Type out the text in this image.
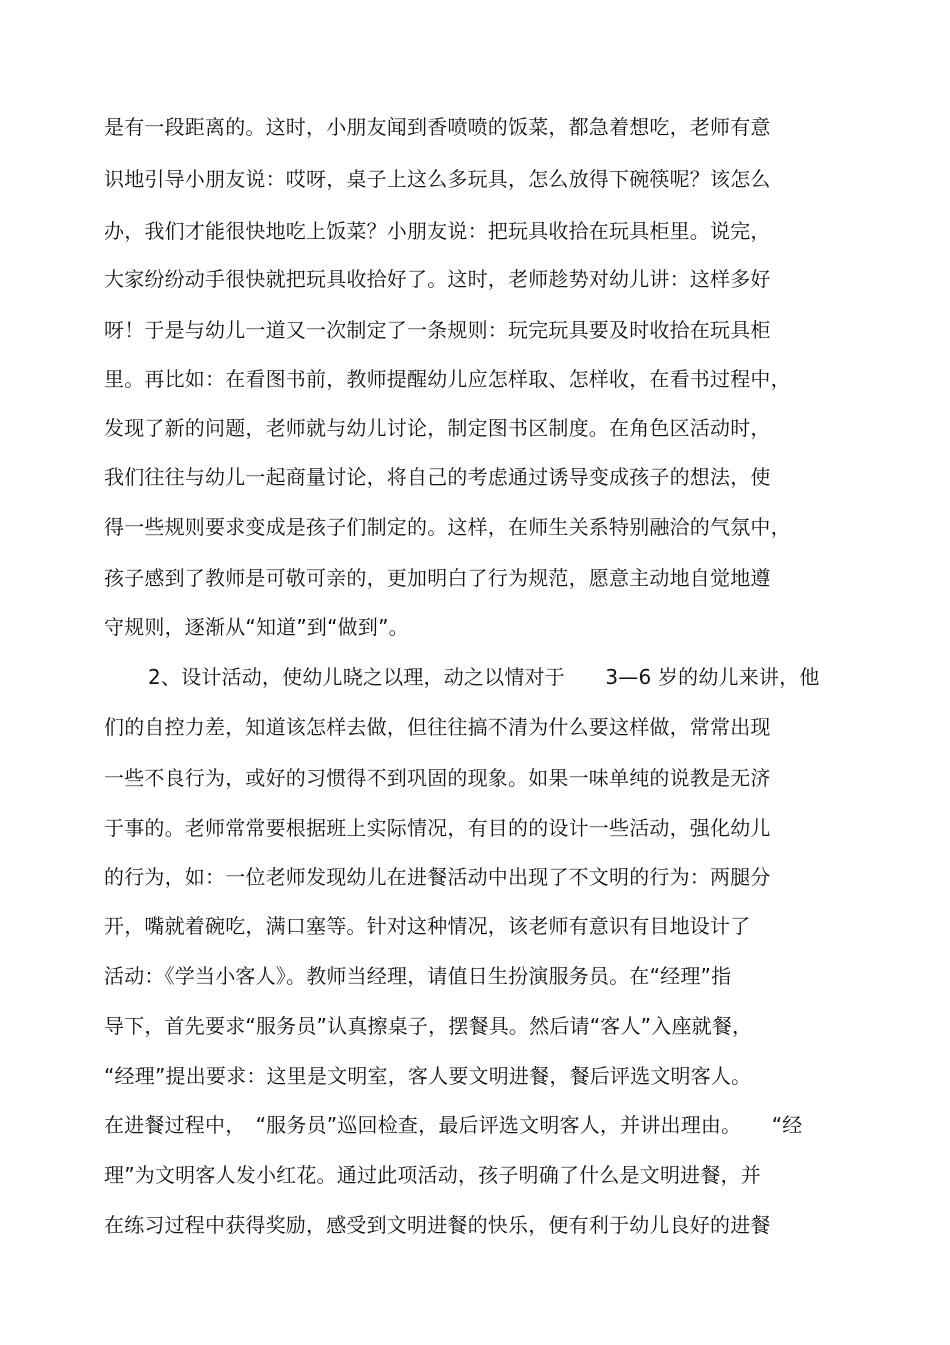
是有一段距离的。这时，小朋友闻到香喷喷的饭菜，都急着想吃，老师有意
识地引导小朋友说：哎呀，桌子上这么多玩具，怎么放得下碗筷呢？该怎么
办，我们才能很快地吃上饭菜？小朋友说：把玩具收拾在玩具柜里。说完，
大家纷纷动手很快就把玩具收拾好了。这时，老师趁势对幼儿讲：这样多好
呀！于是与幼儿一道又一次制定了一条规则：玩完玩具要及时收拾在玩具柜
里。再比如：在看图书前，教师提醒幼儿应怎样取、怎样收，在看书过程中，
发现了新的问题，老师就与幼儿讨论，制定图书区制度。在角色区活动时，
我们往往与幼儿一起商量讨论，将自己的考虑通过诱导变成孩子的想法，使
得一些规则要求变成是孩子们制定的。这样，在师生关系特别融洽的气氛中，
孩子感到了教师是可敬可亲的，更加明白了行为规范，愿意主动地自觉地遵
守规则，逐渐从“知道”到“做到”。
2、设计活动，使幼儿晓之以理，动之以情对于　　3—6 岁的幼儿来讲，他
们的自控力差，知道该怎样去做，但往往搞不清为什么要这样做，常常出现
一些不良行为，或好的习惯得不到巩固的现象。如果一味单纯的说教是无济
于事的。老师常常要根据班上实际情况，有目的的设计一些活动，强化幼儿
的行为，如：一位老师发现幼儿在进餐活动中出现了不文明的行为：两腿分
开，嘴就着碗吃，满口塞等。针对这种情况，该老师有意识有目地设计了
活动：《学当小客人》。教师当经理，请值日生扮演服务员。在“经理”指
导下，首先要求“服务员”认真擦桌子，摆餐具。然后请“客人”入座就餐，
“经理”提出要求：这里是文明室，客人要文明进餐，餐后评选文明客人。
在进餐过程中，　“服务员”巡回检查，最后评选文明客人，并讲出理由。　　“经
理”为文明客人发小红花。通过此项活动，孩子明确了什么是文明进餐，并
在练习过程中获得奖励，感受到文明进餐的快乐，便有利于幼儿良好的进餐
